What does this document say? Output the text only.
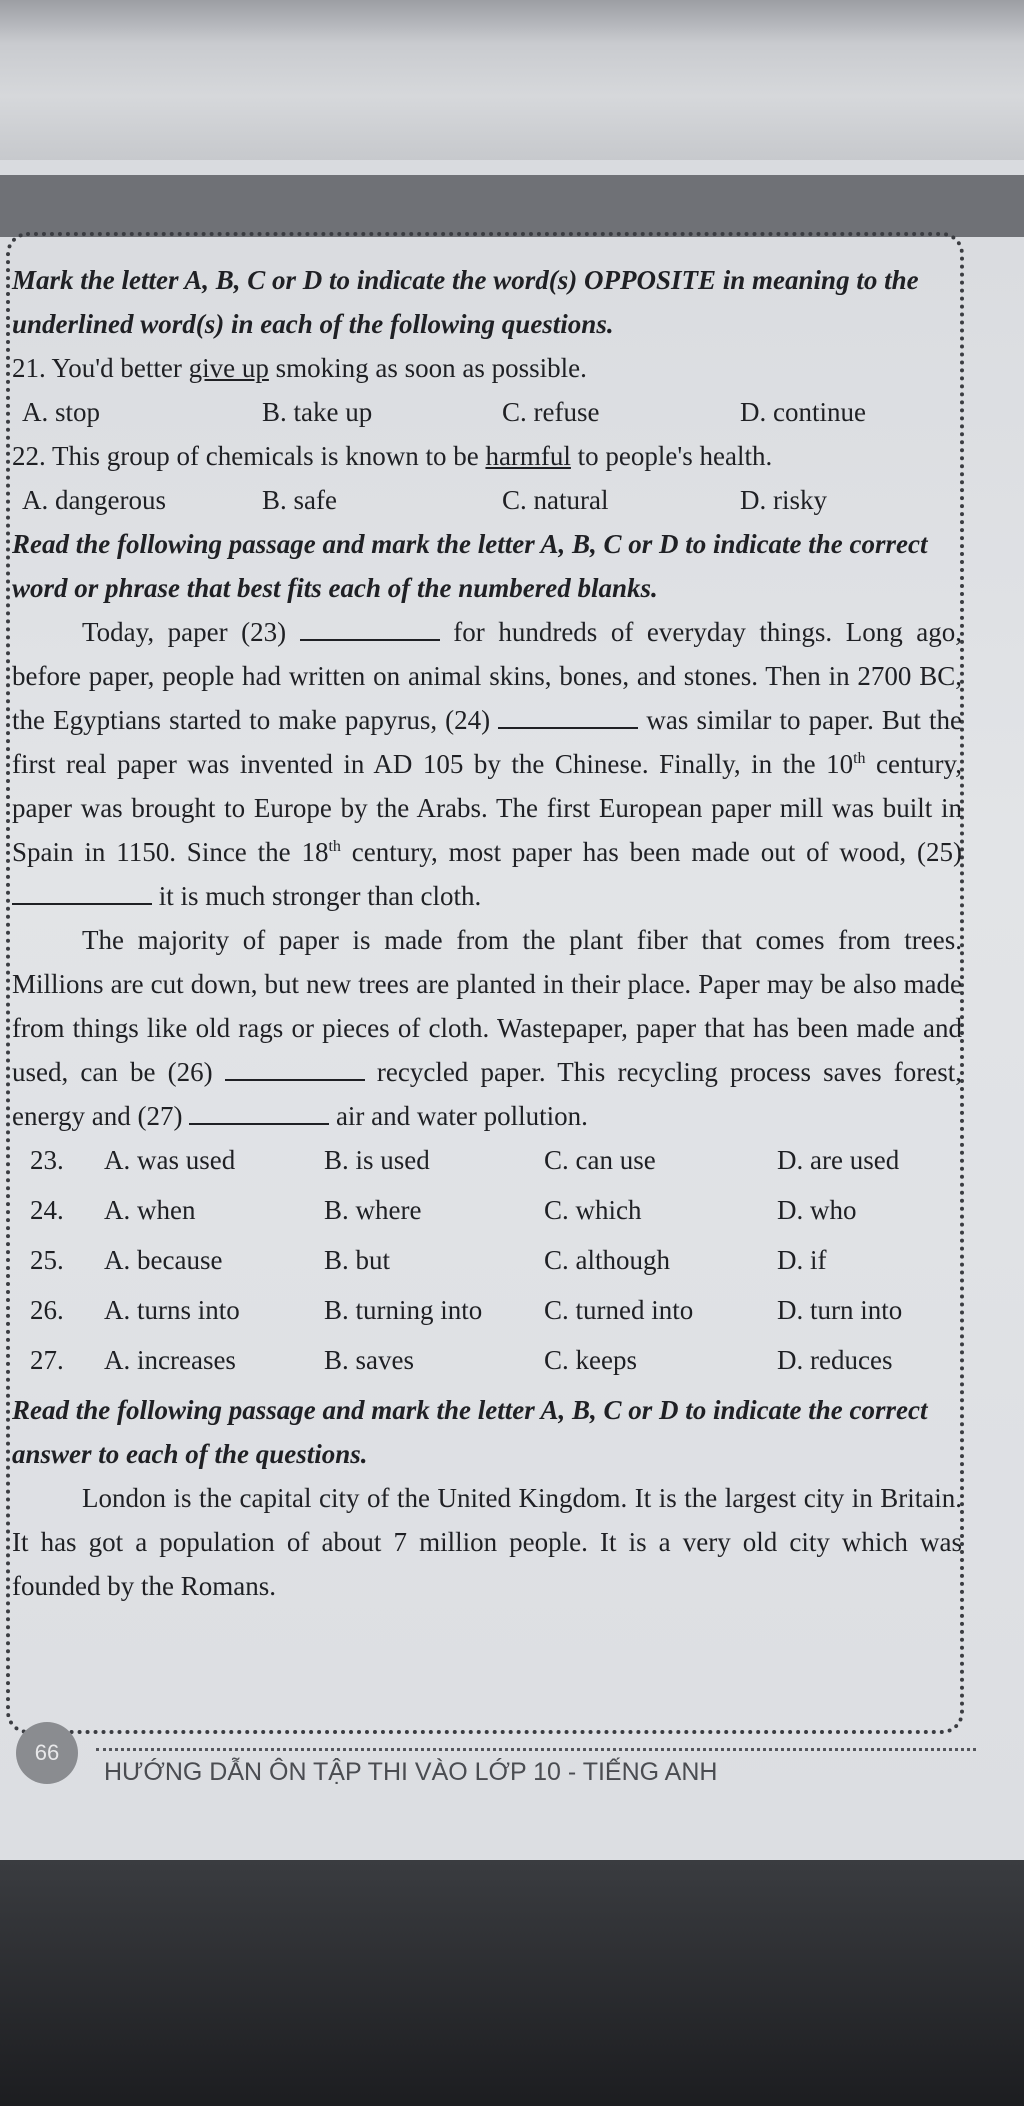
Mark the letter A, B, C or D to indicate the word(s) OPPOSITE in meaning to the underlined word(s) in each of the following questions.

21. You'd better give up smoking as soon as possible.

A. stop	B. take up	C. refuse	D. continue

22. This group of chemicals is known to be harmful to people's health.

A. dangerous	B. safe	C. natural	D. risky

Read the following passage and mark the letter A, B, C or D to indicate the correct word or phrase that best fits each of the numbered blanks.

Today, paper (23)	for hundreds of everyday things. Long ago, before paper, people had written on animal skins, bones, and stones. Then in 2700 BC, the Egyptians started to make papyrus, (24)	was similar to paper. But the first real paper was invented in AD 105 by the Chinese. Finally, in the 10th century, paper was brought to Europe by the Arabs. The first European paper mill was built in Spain in 1150. Since the 18th century, most paper has been made out of wood, (25)  it is much stronger than cloth.

The majority of paper is made from the plant fiber that comes from trees. Millions are cut down, but new trees are planted in their place. Paper may be also made from things like old rags or pieces of cloth. Wastepaper, paper that has been made and used, can be (26)	recycled paper. This recycling process saves forest, energy and (27)	air and water pollution.

23. A. was used	B. is used	C. can use	D. are used
24. A. when	B. where	C. which	D. who
25. A. because	B. but	C. although	D. if
26. A. turns into	B. turning into C. turned into	D. turn into
27. A. increases	B. saves	C. keeps	D. reduces

Read the following passage and mark the letter A, B, C or D to indicate the correct answer to each of the questions.

London is the capital city of the United Kingdom. It is the largest city in Britain. It has got a population of about 7 million people. It is a very old city which was founded by the Romans.

66
HƯỚNG DẪN ÔN TẬP THI VÀO LỚP 10 - TIẾNG ANH
